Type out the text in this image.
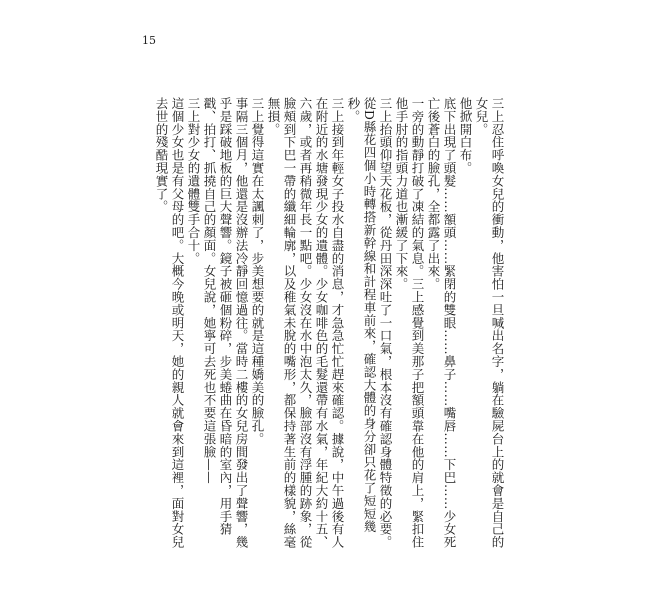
15

三上忍住呼喚女兒的衝動，他害怕一旦喊出名字，躺在驗屍台上的就會是自己的女兒。

他掀開白布。

底下出現了頭髮……額頭……緊閉的雙眼……鼻子……嘴唇……下巴……少女死亡後蒼白的臉孔，全都露了出來。

一旁的動靜打破了凍結的氣息。三上感覺到美那子把額頭靠在他的肩上，緊扣住他手肘的指頭力道也漸緩了下來。

三上抬頭仰望天花板，從丹田深深吐了一口氣，根本沒有確認身體特徵的必要。從D縣花四個小時轉搭新幹線和計程車前來，確認大體的身分卻只花了短短幾秒。

三上接到年輕女子投水自盡的消息，才急急忙忙趕來確認。據說，中午過後有人在附近的水塘發現少女的遺體。少女咖啡色的毛髮還帶有水氣，年紀大約十五、六歲，或者再稍微年長一點吧。少女沒在水中泡太久，臉部沒有浮腫的跡象，從臉頰到下巴一帶的纖細輪廓，以及稚氣未脫的嘴形，都保持著生前的樣貌，絲毫無損。

三上覺得這實在太諷刺了，步美想要的就是這種嬌美的臉孔。

事隔三個月，他還是沒辦法冷靜回憶過往。當時二樓的女兒房間發出了聲響，幾乎是踩破地板的巨大聲響。鏡子被砸個粉碎，步美蜷曲在昏暗的室內，用手猜戳、拍打、抓撓自己的顏面。女兒說，她寧可去死也不要這張臉——

三上對少女的遺體雙手合十。

這個少女也是有父母的吧。大概今晚或明天，她的親人就會來到這裡，面對女兒去世的殘酷現實了。
